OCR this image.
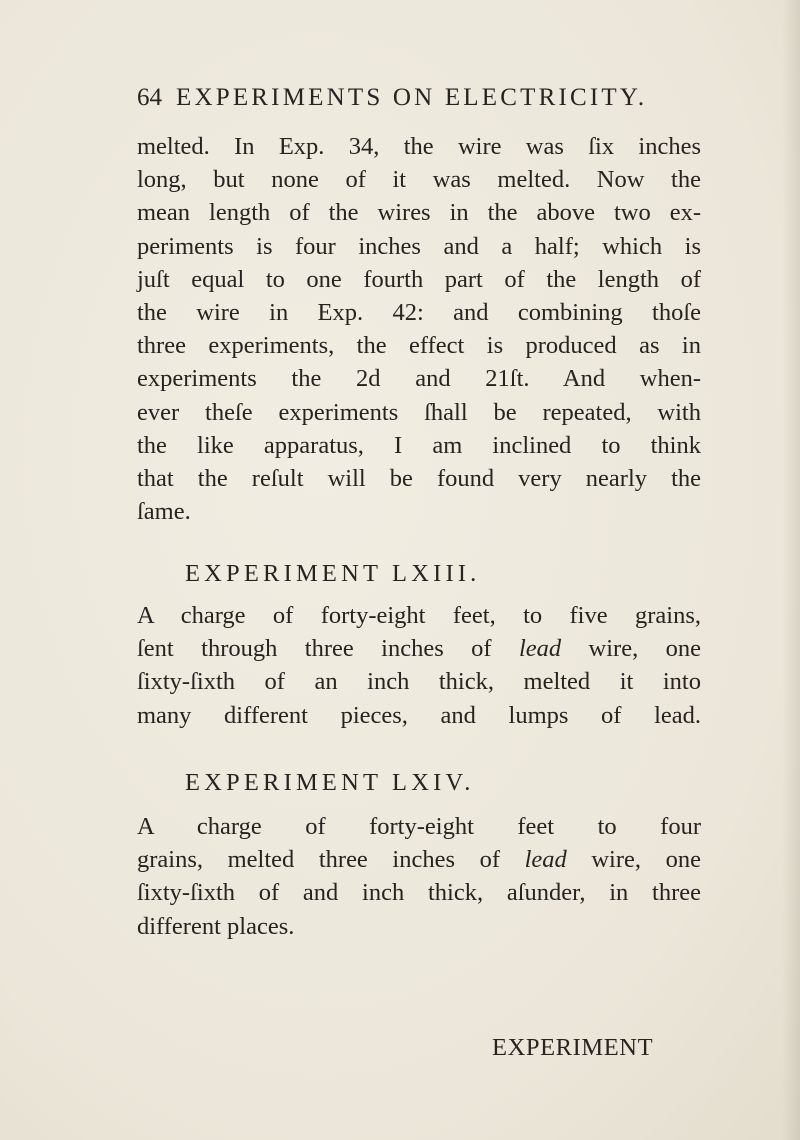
64 EXPERIMENTS ON ELECTRICITY.
melted. In Exp. 34, the wire was ſix inches
long, but none of it was melted. Now the
mean length of the wires in the above two ex-
periments is four inches and a half; which is
juſt equal to one fourth part of the length of
the wire in Exp. 42: and combining thoſe
three experiments, the effect is produced as in
experiments the 2d and 21ſt. And when-
ever theſe experiments ſhall be repeated, with
the like apparatus, I am inclined to think
that the reſult will be found very nearly the
ſame.
EXPERIMENT LXIII.
A charge of forty-eight feet, to five grains,
ſent through three inches of lead wire, one
ſixty-ſixth of an inch thick, melted it into
many different pieces, and lumps of lead.
EXPERIMENT LXIV.
A charge of forty-eight feet to four
grains, melted three inches of lead wire, one
ſixty-ſixth of and inch thick, aſunder, in three
different places.
EXPERIMENT
